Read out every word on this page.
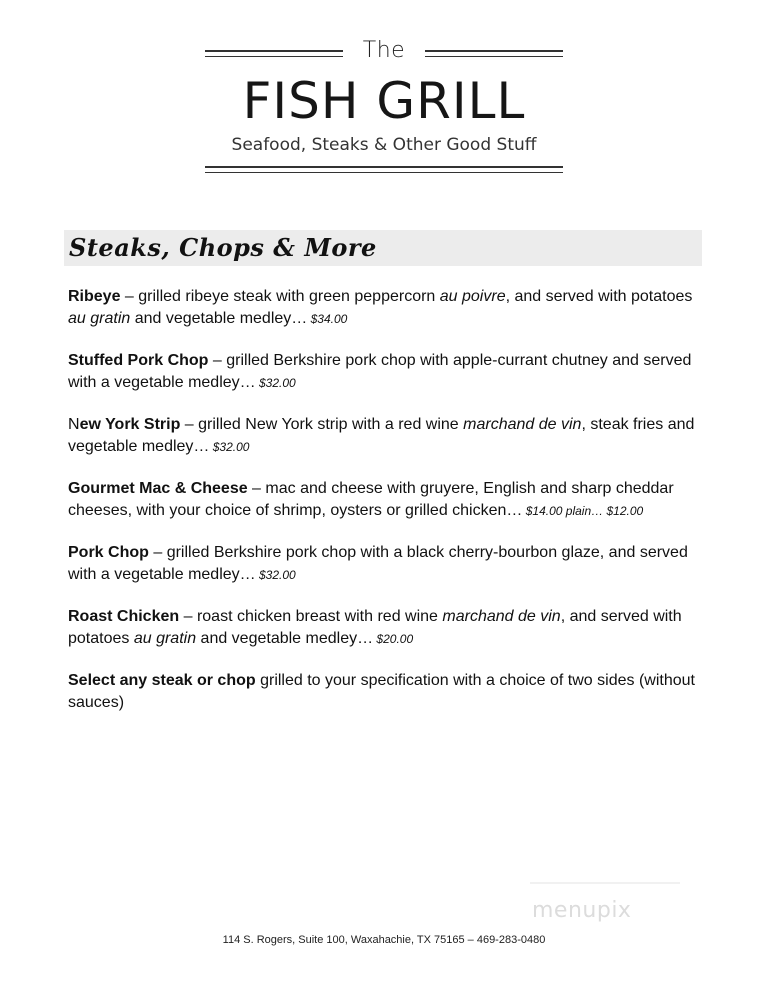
The
FISH GRILL
Seafood, Steaks & Other Good Stuff
Steaks, Chops & More

Ribeye – grilled ribeye steak with green peppercorn au poivre, and served with potatoes au gratin and vegetable medley… $34.00

Stuffed Pork Chop – grilled Berkshire pork chop with apple-currant chutney and served with a vegetable medley… $32.00

New York Strip – grilled New York strip with a red wine marchand de vin, steak fries and vegetable medley… $32.00

Gourmet Mac & Cheese – mac and cheese with gruyere, English and sharp cheddar cheeses, with your choice of shrimp, oysters or grilled chicken… $14.00 plain… $12.00

Pork Chop – grilled Berkshire pork chop with a black cherry-bourbon glaze, and served with a vegetable medley… $32.00

Roast Chicken – roast chicken breast with red wine marchand de vin, and served with potatoes au gratin and vegetable medley… $20.00

Select any steak or chop grilled to your specification with a choice of two sides (without sauces)

menupix
114 S. Rogers, Suite 100, Waxahachie, TX 75165 – 469-283-0480
